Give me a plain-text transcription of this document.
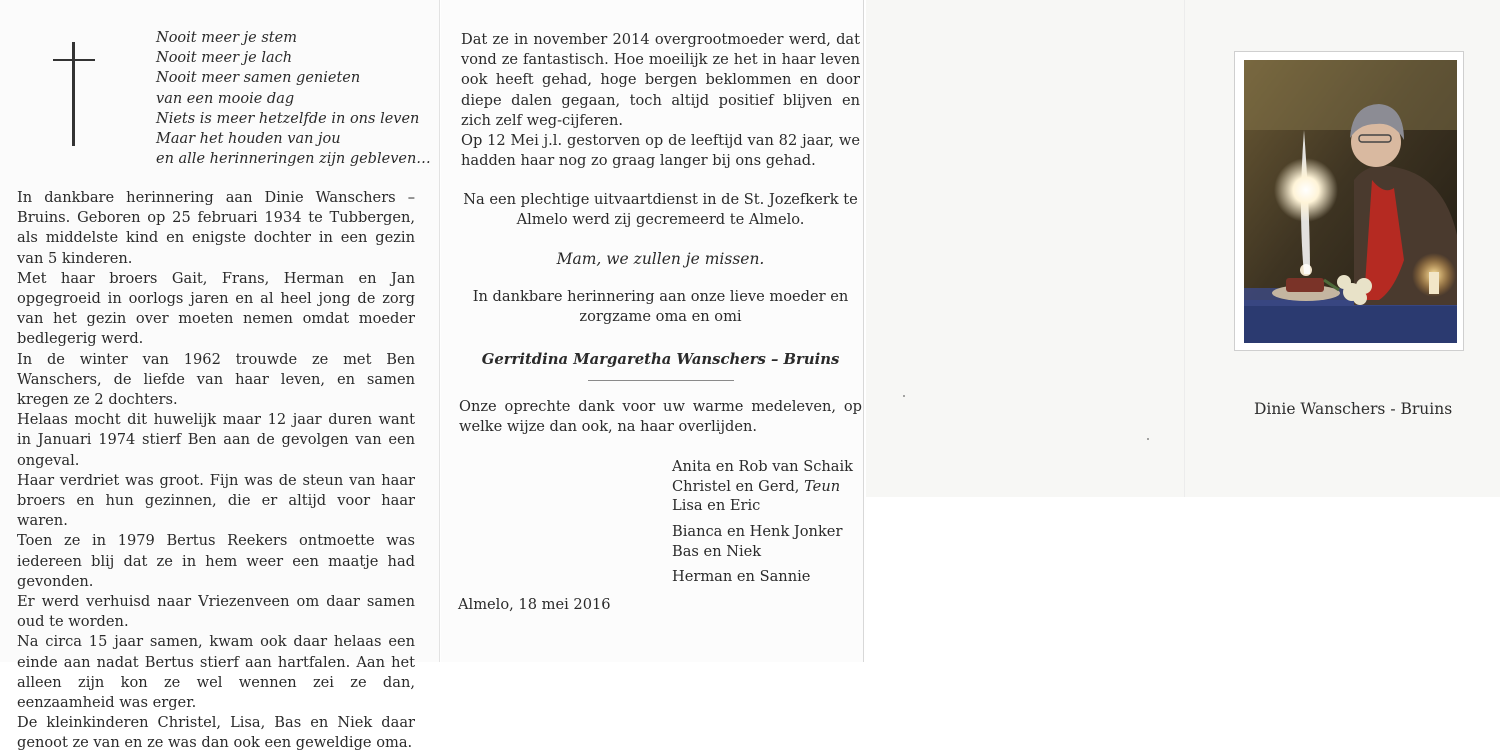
Nooit meer je stem
Nooit meer je lach
Nooit meer samen genieten
van een mooie dag
Niets is meer hetzelfde in ons leven
Maar het houden van jou
en alle herinneringen zijn gebleven…

In dankbare herinnering aan Dinie Wanschers – Bruins. Geboren op 25 februari 1934 te Tubbergen, als middelste kind en enigste dochter in een gezin van 5 kinderen.

Met haar broers Gait, Frans, Herman en Jan opgegroeid in oorlogs jaren en al heel jong de zorg van het gezin over moeten nemen omdat moeder bedlegerig werd.

In de winter van 1962 trouwde ze met Ben Wanschers, de liefde van haar leven, en samen kregen ze 2 dochters.

Helaas mocht dit huwelijk maar 12 jaar duren want in Januari 1974 stierf Ben aan de gevolgen van een ongeval.

Haar verdriet was groot. Fijn was de steun van haar broers en hun gezinnen, die er altijd voor haar waren.

Toen ze in 1979 Bertus Reekers ontmoette was iedereen blij dat ze in hem weer een maatje had gevonden.

Er werd verhuisd naar Vriezenveen om daar samen oud te worden.

Na circa 15 jaar samen, kwam ook daar helaas een einde aan nadat Bertus stierf aan hartfalen. Aan het alleen zijn kon ze wel wennen zei ze dan, eenzaamheid was erger.

De kleinkinderen Christel, Lisa, Bas en Niek daar genoot ze van en ze was dan ook een geweldige oma.

Dat ze in november 2014 overgrootmoeder werd, dat vond ze fantastisch. Hoe moeilijk ze het in haar leven ook heeft gehad, hoge bergen beklommen en door diepe dalen gegaan, toch altijd positief blijven en zich zelf weg-cijferen.

Op 12 Mei j.l. gestorven op de leeftijd van 82 jaar, we hadden haar nog zo graag langer bij ons gehad.

Na een plechtige uitvaartdienst in de St. Jozefkerk te Almelo werd zij gecremeerd te Almelo.
Mam, we zullen je missen.
In dankbare herinnering aan onze lieve moeder en zorgzame oma en omi
Gerritdina Margaretha Wanschers – Bruins
Onze oprechte dank voor uw warme medeleven, op welke wijze dan ook, na haar overlijden.
Anita en Rob van Schaik
Christel en Gerd, Teun
Lisa en Eric
Bianca en Henk Jonker
Bas en Niek
Herman en Sannie
Almelo, 18 mei 2016
Dinie Wanschers - Bruins
